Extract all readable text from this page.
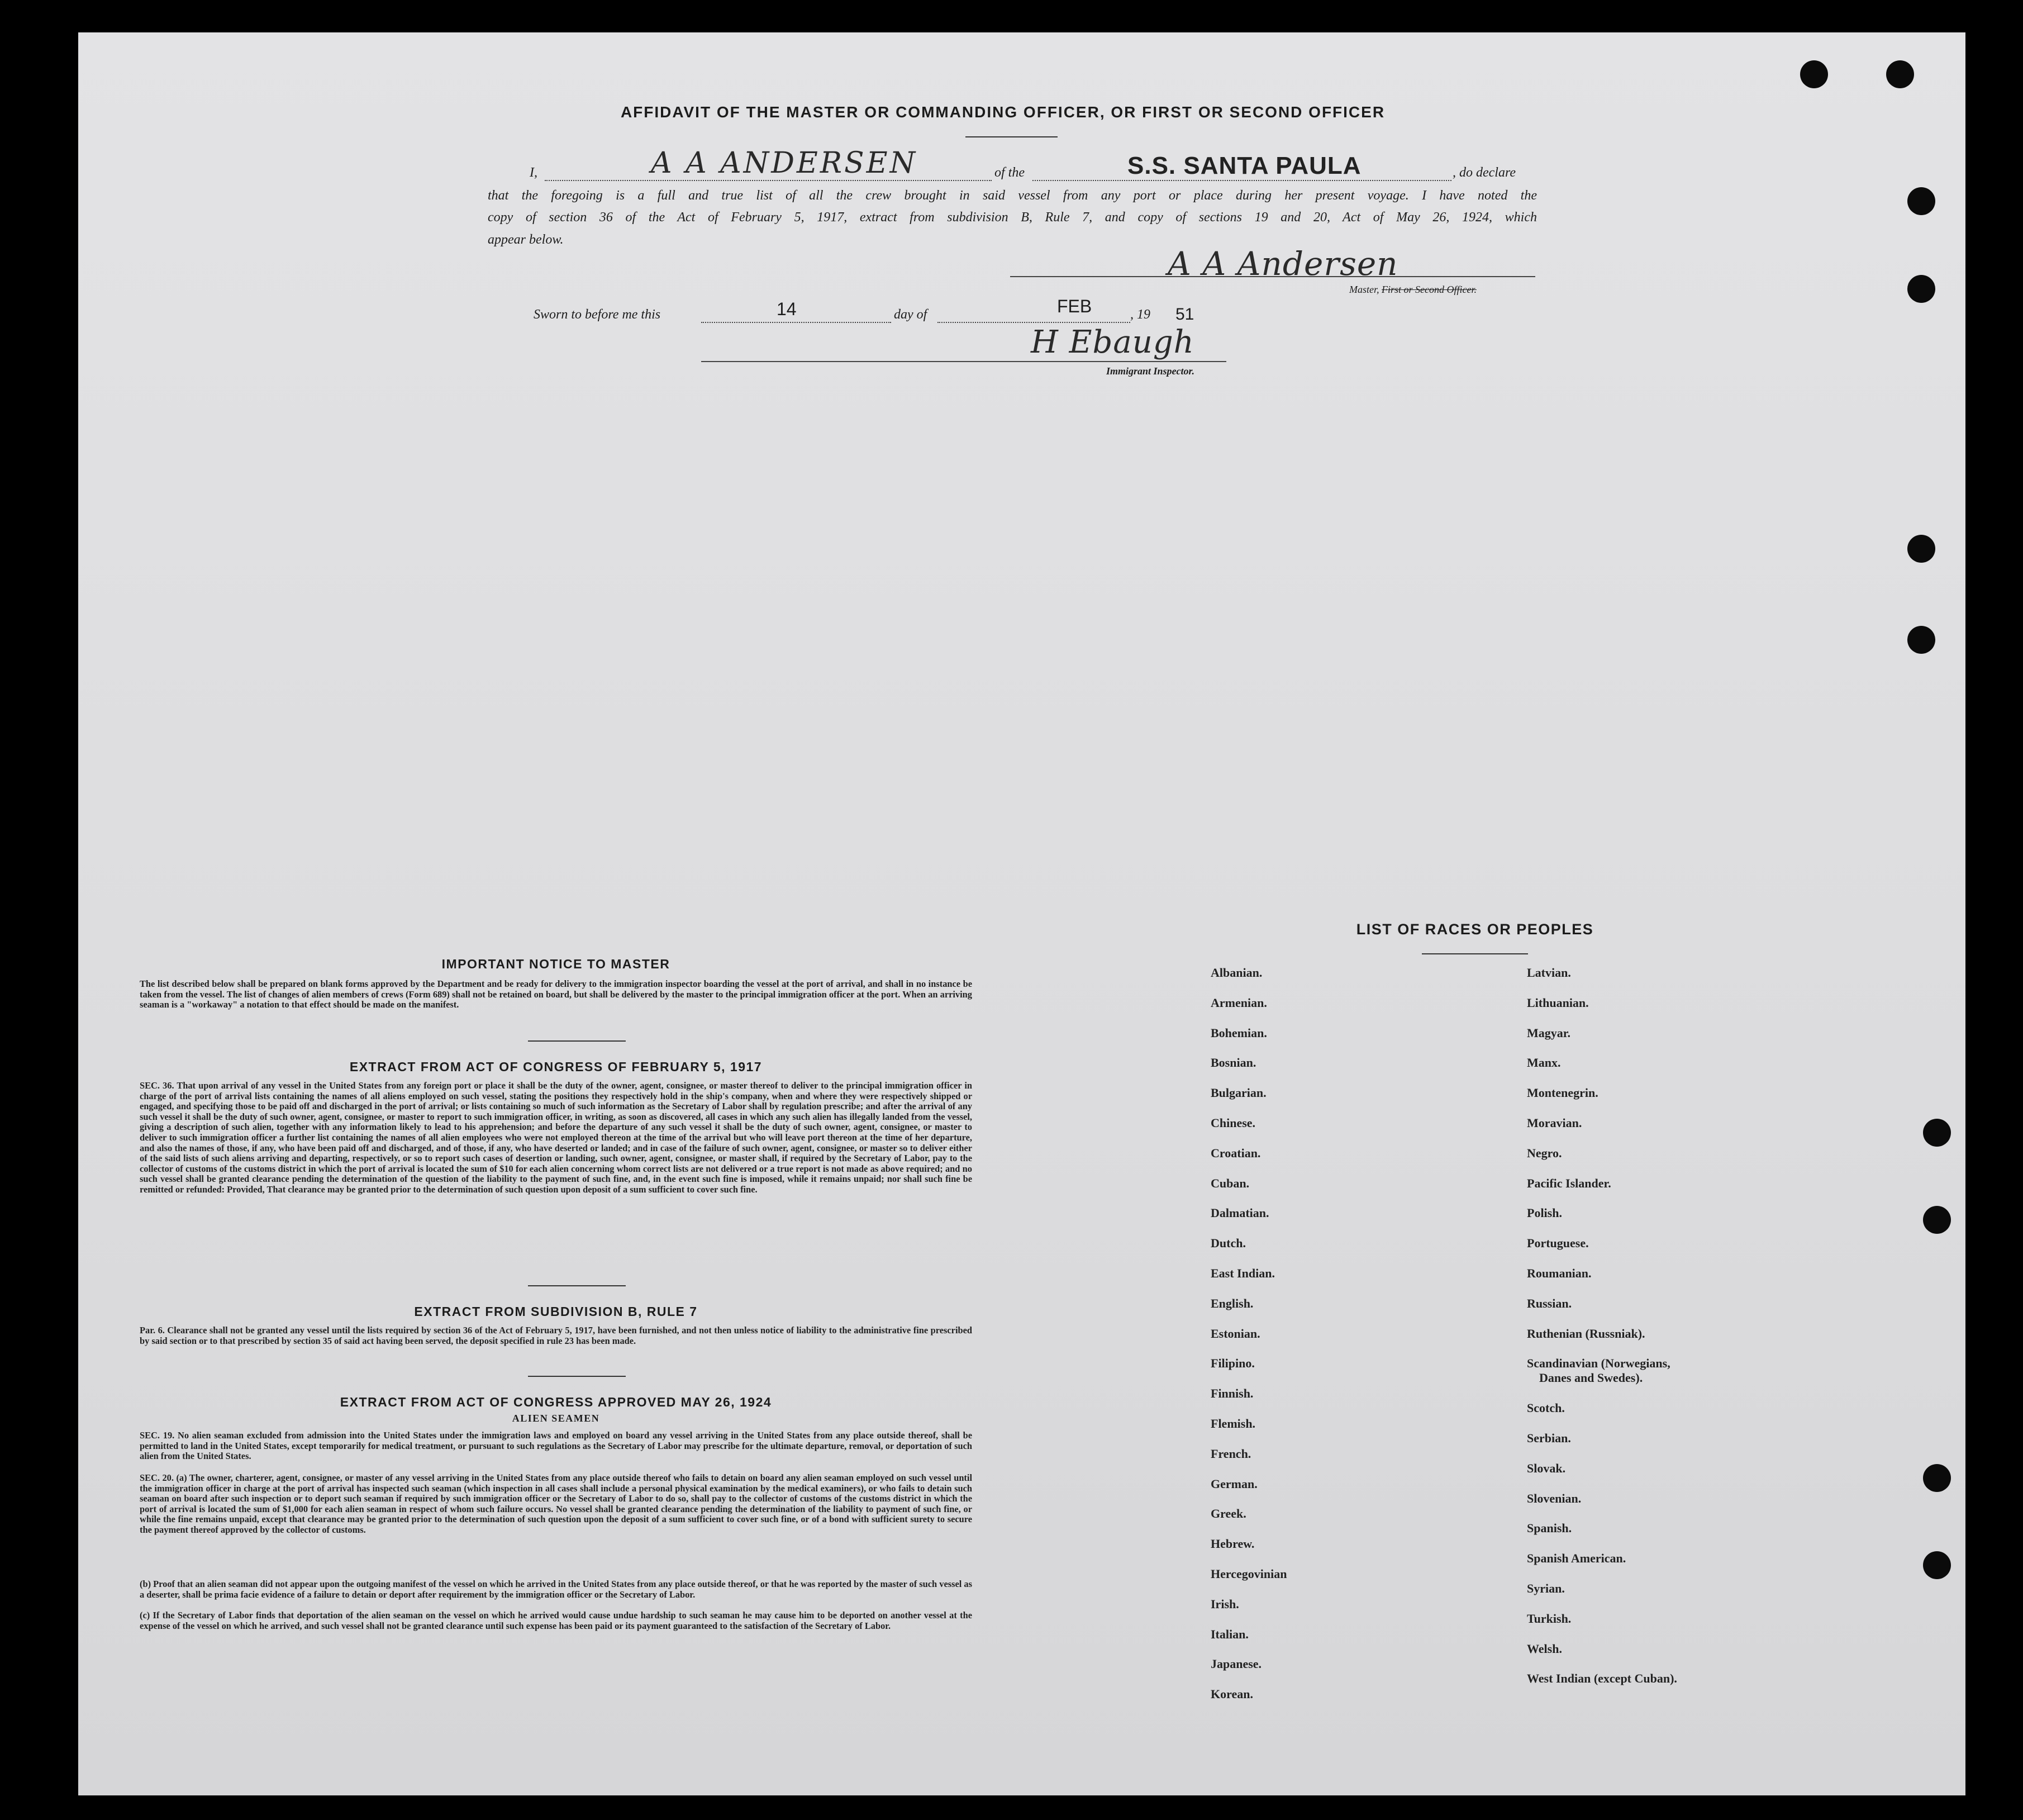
AFFIDAVIT OF THE MASTER OR COMMANDING OFFICER, OR FIRST OR SECOND OFFICER
I,	A A ANDERSEN	of the	S.S. SANTA PAULA	, do declare
that the foregoing is a full and true list of all the crew brought in said vessel from any port or place during her present voyage. I have noted the
copy of section 36 of the Act of February 5, 1917, extract from subdivision B, Rule 7, and copy of sections 19 and 20, Act of May 26, 1924, which
appear below.
A A Andersen
Master, First or Second Officer.
Sworn to before me this	14	day of	FEB	, 19 51
H Ebaugh
Immigrant Inspector.
IMPORTANT NOTICE TO MASTER
The list described below shall be prepared on blank forms approved by the Department and be ready for delivery to the immigration inspector boarding the vessel at the port of arrival, and shall in no instance be taken from the vessel. The list of changes of alien members of crews (Form 689) shall not be retained on board, but shall be delivered by the master to the principal immigration officer at the port. When an arriving seaman is a "workaway" a notation to that effect should be made on the manifest.
EXTRACT FROM ACT OF CONGRESS OF FEBRUARY 5, 1917
SEC. 36. That upon arrival of any vessel in the United States from any foreign port or place it shall be the duty of the owner, agent, consignee, or master thereof to deliver to the principal immigration officer in charge of the port of arrival lists containing the names of all aliens employed on such vessel, stating the positions they respectively hold in the ship's company, when and where they were respectively shipped or engaged, and specifying those to be paid off and discharged in the port of arrival; or lists containing so much of such information as the Secretary of Labor shall by regulation prescribe; and after the arrival of any such vessel it shall be the duty of such owner, agent, consignee, or master to report to such immigration officer, in writing, as soon as discovered, all cases in which any such alien has illegally landed from the vessel, giving a description of such alien, together with any information likely to lead to his apprehension; and before the departure of any such vessel it shall be the duty of such owner, agent, consignee, or master to deliver to such immigration officer a further list containing the names of all alien employees who were not employed thereon at the time of the arrival but who will leave port thereon at the time of her departure, and also the names of those, if any, who have been paid off and discharged, and of those, if any, who have deserted or landed; and in case of the failure of such owner, agent, consignee, or master so to deliver either of the said lists of such aliens arriving and departing, respectively, or so to report such cases of desertion or landing, such owner, agent, consignee, or master shall, if required by the Secretary of Labor, pay to the collector of customs of the customs district in which the port of arrival is located the sum of $10 for each alien concerning whom correct lists are not delivered or a true report is not made as above required; and no such vessel shall be granted clearance pending the determination of the question of the liability to the payment of such fine, and, in the event such fine is imposed, while it remains unpaid; nor shall such fine be remitted or refunded: Provided, That clearance may be granted prior to the determination of such question upon deposit of a sum sufficient to cover such fine.
EXTRACT FROM SUBDIVISION B, RULE 7
Par. 6. Clearance shall not be granted any vessel until the lists required by section 36 of the Act of February 5, 1917, have been furnished, and not then unless notice of liability to the administrative fine prescribed by said section or to that prescribed by section 35 of said act having been served, the deposit specified in rule 23 has been made.
EXTRACT FROM ACT OF CONGRESS APPROVED MAY 26, 1924
ALIEN SEAMEN
SEC. 19. No alien seaman excluded from admission into the United States under the immigration laws and employed on board any vessel arriving in the United States from any place outside thereof, shall be permitted to land in the United States, except temporarily for medical treatment, or pursuant to such regulations as the Secretary of Labor may prescribe for the ultimate departure, removal, or deportation of such alien from the United States.
SEC. 20. (a) The owner, charterer, agent, consignee, or master of any vessel arriving in the United States from any place outside thereof who fails to detain on board any alien seaman employed on such vessel until the immigration officer in charge at the port of arrival has inspected such seaman (which inspection in all cases shall include a personal physical examination by the medical examiners), or who fails to detain such seaman on board after such inspection or to deport such seaman if required by such immigration officer or the Secretary of Labor to do so, shall pay to the collector of customs of the customs district in which the port of arrival is located the sum of $1,000 for each alien seaman in respect of whom such failure occurs. No vessel shall be granted clearance pending the determination of the liability to payment of such fine, or while the fine remains unpaid, except that clearance may be granted prior to the determination of such question upon the deposit of a sum sufficient to cover such fine, or of a bond with sufficient surety to secure the payment thereof approved by the collector of customs.
(b) Proof that an alien seaman did not appear upon the outgoing manifest of the vessel on which he arrived in the United States from any place outside thereof, or that he was reported by the master of such vessel as a deserter, shall be prima facie evidence of a failure to detain or deport after requirement by the immigration officer or the Secretary of Labor.
(c) If the Secretary of Labor finds that deportation of the alien seaman on the vessel on which he arrived would cause undue hardship to such seaman he may cause him to be deported on another vessel at the expense of the vessel on which he arrived, and such vessel shall not be granted clearance until such expense has been paid or its payment guaranteed to the satisfaction of the Secretary of Labor.
LIST OF RACES OR PEOPLES
Albanian.
Armenian.
Bohemian.
Bosnian.
Bulgarian.
Chinese.
Croatian.
Cuban.
Dalmatian.
Dutch.
East Indian.
English.
Estonian.
Filipino.
Finnish.
Flemish.
French.
German.
Greek.
Hebrew.
Hercegovinian
Irish.
Italian.
Japanese.
Korean.
Latvian.
Lithuanian.
Magyar.
Manx.
Montenegrin.
Moravian.
Negro.
Pacific Islander.
Polish.
Portuguese.
Roumanian.
Russian.
Ruthenian (Russniak).
Scandinavian (Norwegians,
Danes and Swedes).
Scotch.
Serbian.
Slovak.
Slovenian.
Spanish.
Spanish American.
Syrian.
Turkish.
Welsh.
West Indian (except Cuban).
